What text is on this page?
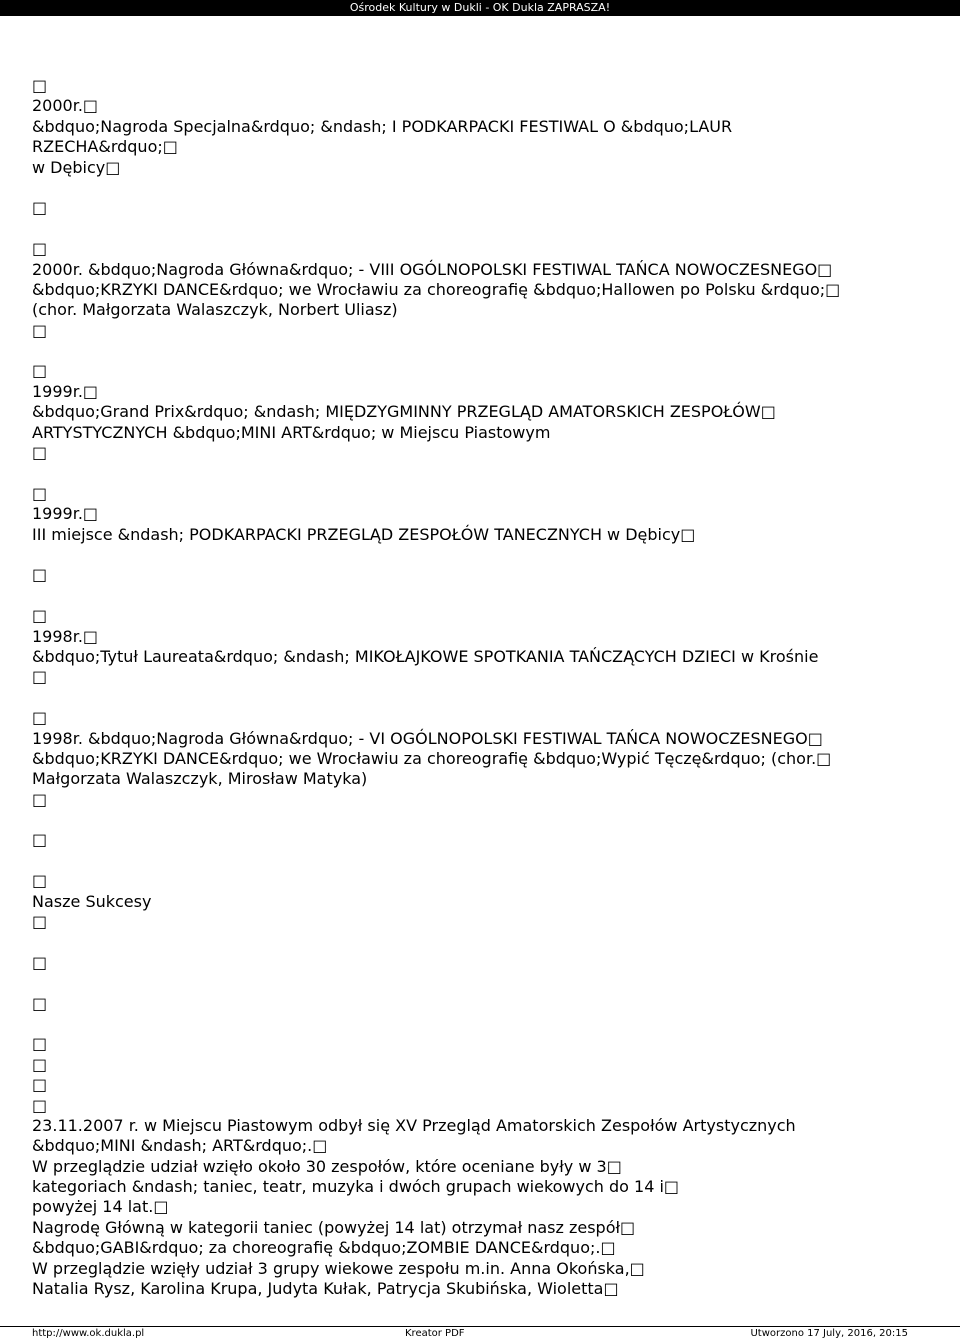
Ośrodek Kultury w Dukli - OK Dukla ZAPRASZA!
□
2000r.□
&bdquo;Nagroda Specjalna&rdquo; &ndash; I PODKARPACKI FESTIWAL O &bdquo;LAUR
RZECHA&rdquo;□
w Dębicy□
□
□
2000r. &bdquo;Nagroda Główna&rdquo; - VIII OGÓLNOPOLSKI FESTIWAL TAŃCA NOWOCZESNEGO□
&bdquo;KRZYKI DANCE&rdquo; we Wrocławiu za choreografię &bdquo;Hallowen po Polsku &rdquo;□
(chor. Małgorzata Walaszczyk, Norbert Uliasz)
□
□
1999r.□
&bdquo;Grand Prix&rdquo; &ndash; MIĘDZYGMINNY PRZEGLĄD AMATORSKICH ZESPOŁÓW□
ARTYSTYCZNYCH &bdquo;MINI ART&rdquo; w Miejscu Piastowym
□
□
1999r.□
III miejsce &ndash; PODKARPACKI PRZEGLĄD ZESPOŁÓW TANECZNYCH w Dębicy□
□
□
1998r.□
&bdquo;Tytuł Laureata&rdquo; &ndash; MIKOŁAJKOWE SPOTKANIA TAŃCZĄCYCH DZIECI w Krośnie
□
□
1998r. &bdquo;Nagroda Główna&rdquo; - VI OGÓLNOPOLSKI FESTIWAL TAŃCA NOWOCZESNEGO□
&bdquo;KRZYKI DANCE&rdquo; we Wrocławiu za choreografię &bdquo;Wypić Tęczę&rdquo; (chor.□
Małgorzata Walaszczyk, Mirosław Matyka)
□
□
□
Nasze Sukcesy
□
□
□
□
□
□
□
23.11.2007 r. w Miejscu Piastowym odbył się XV Przegląd Amatorskich Zespołów Artystycznych
&bdquo;MINI &ndash; ART&rdquo;.□
W przeglądzie udział wzięło około 30 zespołów, które oceniane były w 3□
kategoriach &ndash; taniec, teatr, muzyka i dwóch grupach wiekowych do 14 i□
powyżej 14 lat.□
Nagrodę Główną w kategorii taniec (powyżej 14 lat) otrzymał nasz zespół□
&bdquo;GABI&rdquo; za choreografię &bdquo;ZOMBIE DANCE&rdquo;.□
W przeglądzie wzięły udział 3 grupy wiekowe zespołu m.in. Anna Okońska,□
Natalia Rysz, Karolina Krupa, Judyta Kułak, Patrycja Skubińska, Wioletta□
http://www.ok.dukla.pl	Kreator PDF	Utworzono 17 July, 2016, 20:15
